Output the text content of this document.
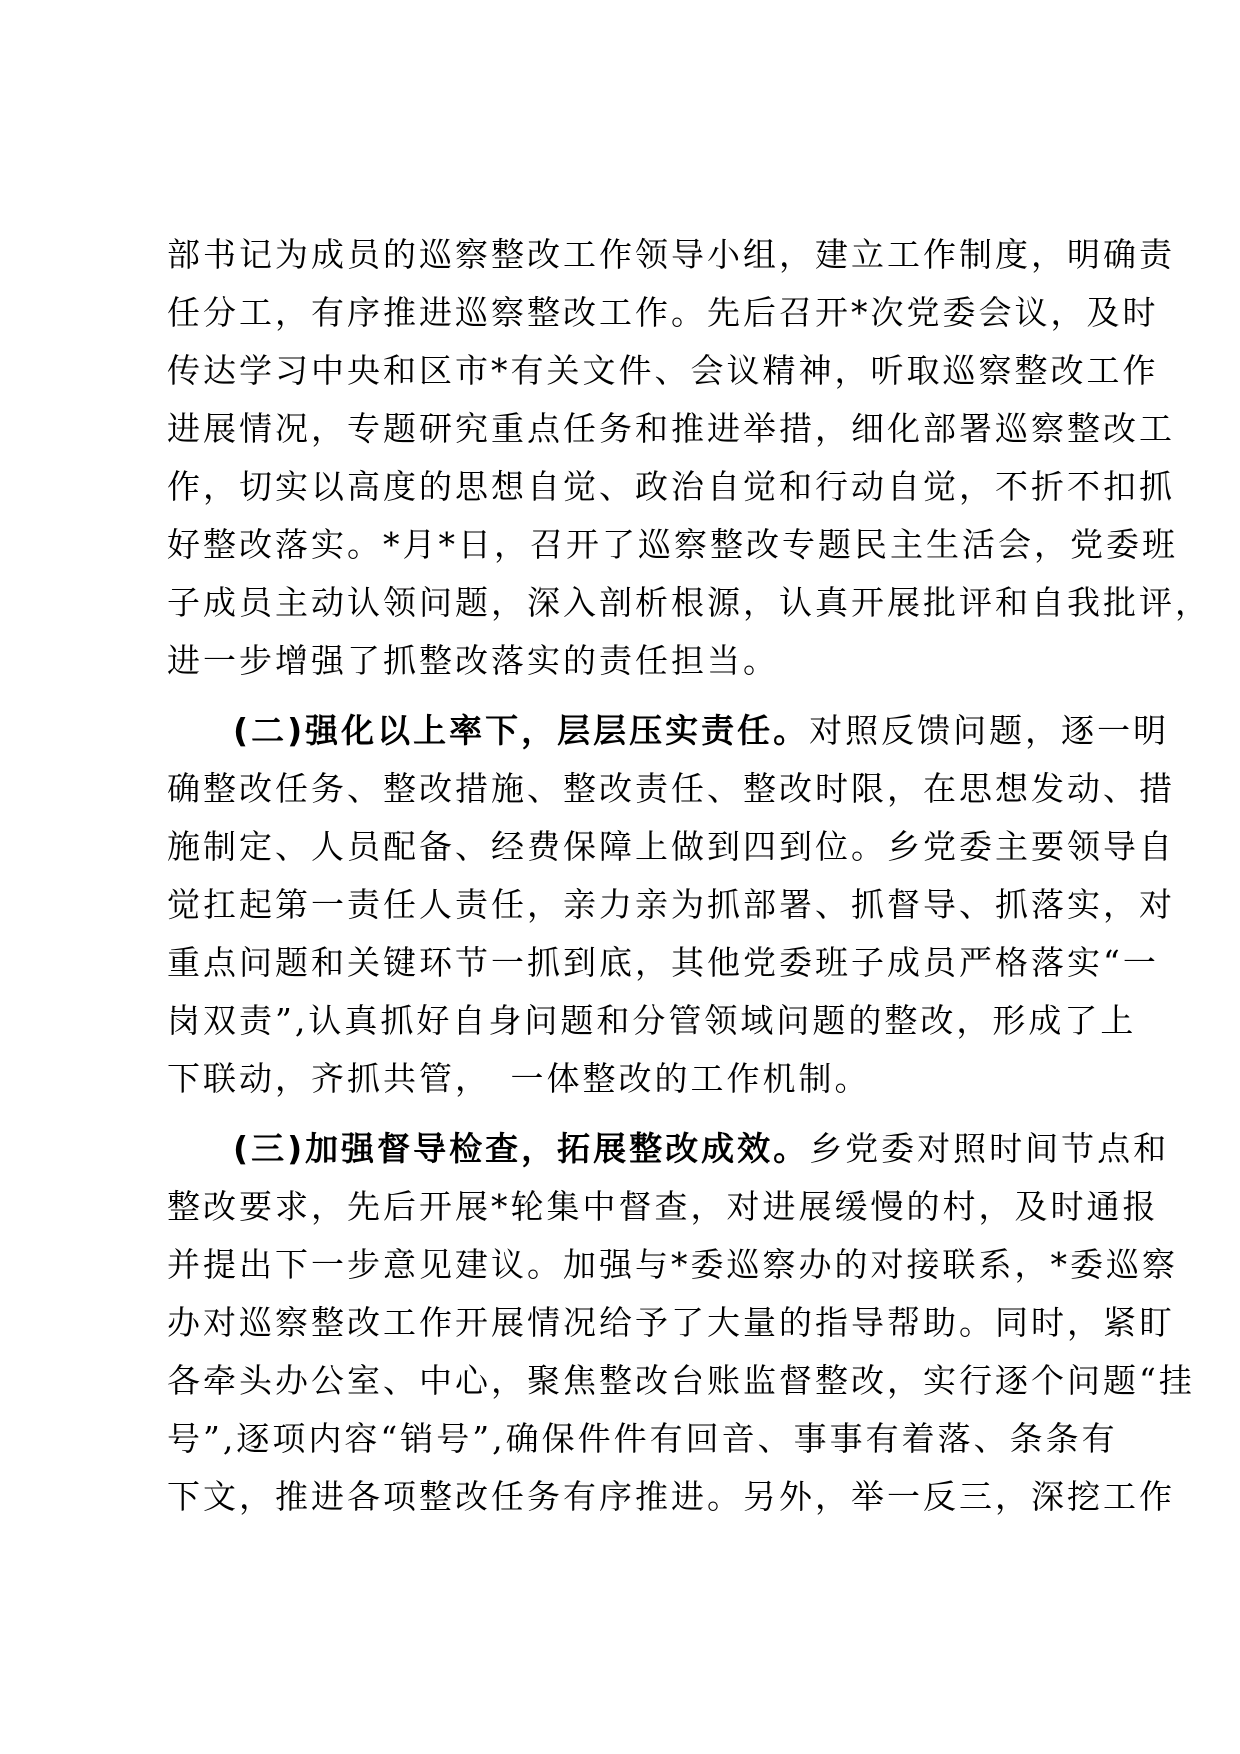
部书记为成员的巡察整改工作领导小组，建立工作制度，明确责
任分工，有序推进巡察整改工作。先后召开*次党委会议，及时
传达学习中央和区市*有关文件、会议精神，听取巡察整改工作
进展情况，专题研究重点任务和推进举措，细化部署巡察整改工
作，切实以高度的思想自觉、政治自觉和行动自觉，不折不扣抓
好整改落实。*月*日，召开了巡察整改专题民主生活会，党委班
子成员主动认领问题，深入剖析根源，认真开展批评和自我批评，
进一步增强了抓整改落实的责任担当。
(二)强化以上率下，层层压实责任。对照反馈问题，逐一明
确整改任务、整改措施、整改责任、整改时限，在思想发动、措
施制定、人员配备、经费保障上做到四到位。乡党委主要领导自
觉扛起第一责任人责任，亲力亲为抓部署、抓督导、抓落实，对
重点问题和关键环节一抓到底，其他党委班子成员严格落实“一
岗双责”,认真抓好自身问题和分管领域问题的整改，形成了上
下联动，齐抓共管，　一体整改的工作机制。
(三)加强督导检查，拓展整改成效。乡党委对照时间节点和
整改要求，先后开展*轮集中督查，对进展缓慢的村，及时通报
并提出下一步意见建议。加强与*委巡察办的对接联系，*委巡察
办对巡察整改工作开展情况给予了大量的指导帮助。同时，紧盯
各牵头办公室、中心，聚焦整改台账监督整改，实行逐个问题“挂
号”,逐项内容“销号”,确保件件有回音、事事有着落、条条有
下文，推进各项整改任务有序推进。另外，举一反三，深挖工作
